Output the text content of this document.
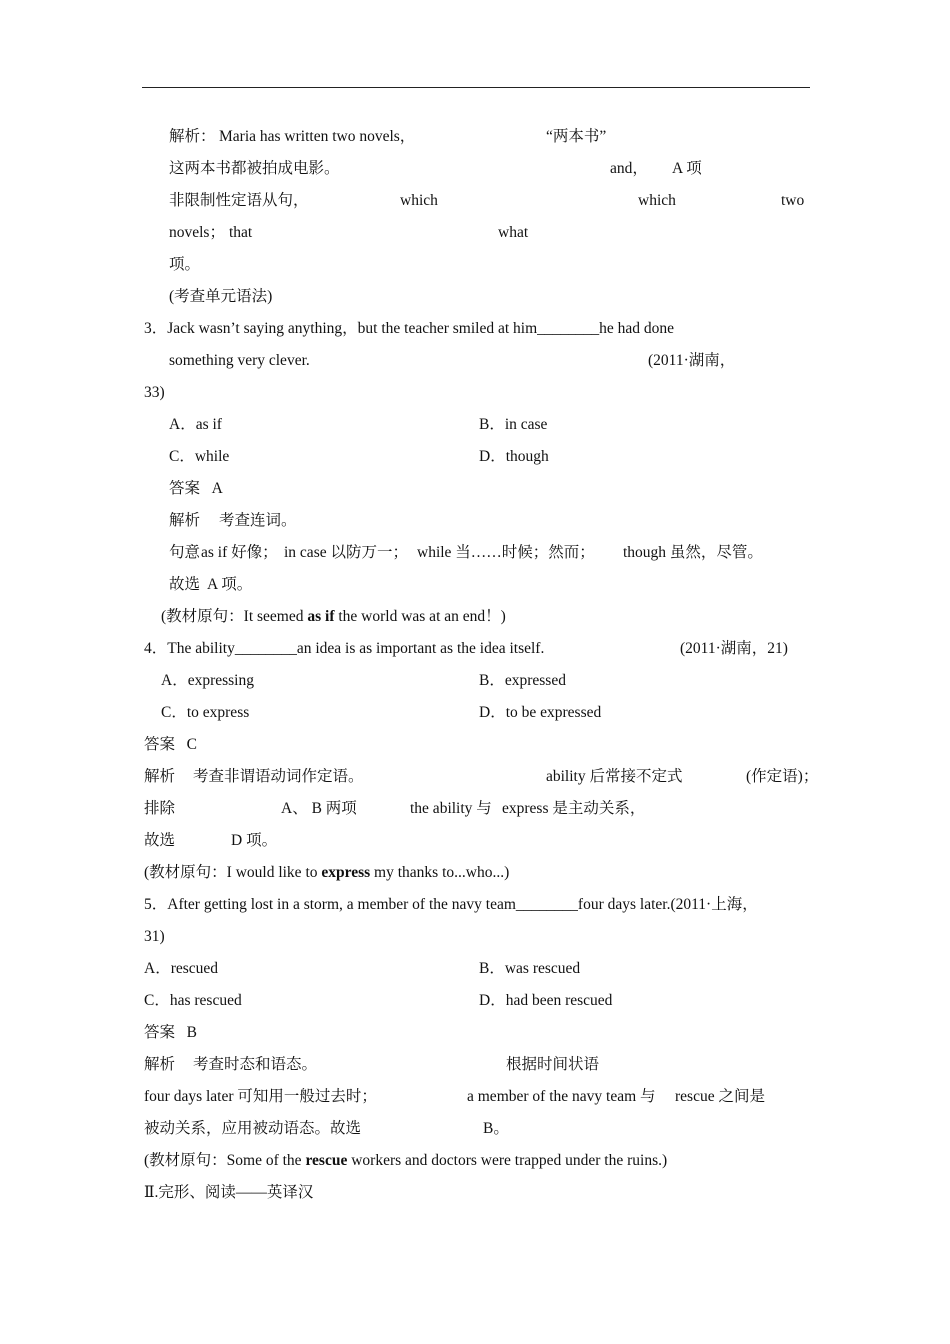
解析： Maria has written two novels，	“两本书”
这两本书都被拍成电影。	and， A 项
非限制性定语从句，	which	which	two
novels； that	what
项。
(考查单元语法)
3．Jack wasn’t saying anything，but the teacher smiled at him________he had done
something very clever.	(2011·湖南，
33)
A．as if	B．in case
C．while	D．though
答案   A
解析 考查连词。
句意 as if 好像； in case 以防万一； while 当……时候；然而； though 虽然，尽管。
故选 A 项。
(教材原句：It seemed as if the world was at an end！)
4．The ability________an idea is as important as the idea itself.	(2011·湖南，21)
A．expressing	B．expressed
C．to express	D．to be expressed
答案   C
解析 考查非谓语动词作定语。	ability 后常接不定式	(作定语)；
排除	A、 B 两项	the ability 与 express 是主动关系，
故选	D 项。
(教材原句：I would like to express my thanks to...who...)
5．After getting lost in a storm, a member of the navy team________four days later.(2011·上海，
31)
A．rescued	B．was rescued
C．has rescued	D．had been rescued
答案   B
解析 考查时态和语态。	根据时间状语
four days later 可知用一般过去时；	a member of the navy team 与 rescue 之间是
被动关系，应用被动语态。故选	B。
(教材原句：Some of the rescue workers and doctors were trapped under the ruins.)
Ⅱ.完形、阅读——英译汉
